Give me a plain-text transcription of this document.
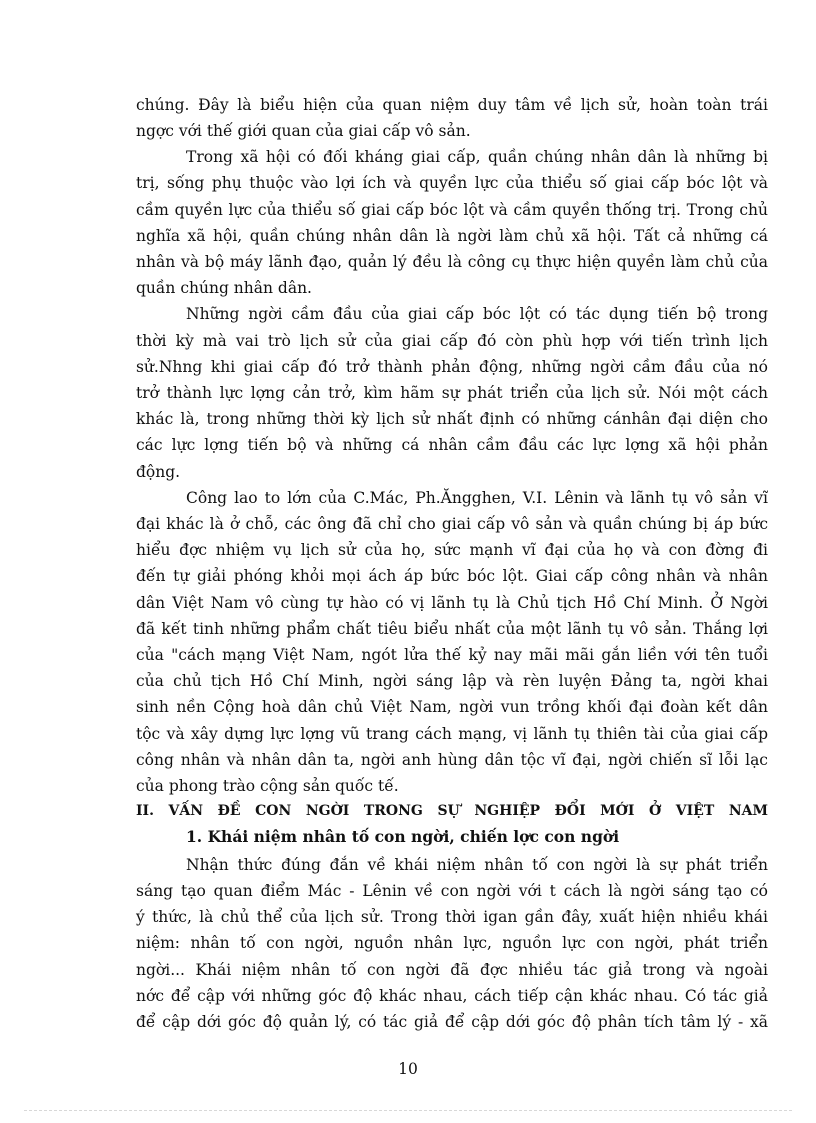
chúng. Đây là biểu hiện của quan niệm duy tâm về lịch sử, hoàn toàn trái
ngợc với thế giới quan của giai cấp vô sản.
Trong xã hội có đối kháng giai cấp, quần chúng nhân dân là những bị
trị, sống phụ thuộc vào lợi ích và quyền lực của thiểu số giai cấp bóc lột và
cầm quyền lực của thiểu số giai cấp bóc lột và cầm quyền thống trị. Trong chủ
nghĩa xã hội, quần chúng nhân dân là ngời làm chủ xã hội. Tất cả những cá
nhân và bộ máy lãnh đạo, quản lý đều là công cụ thực hiện quyền làm chủ của
quần chúng nhân dân.
Những ngời cầm đầu của giai cấp bóc lột có tác dụng tiến bộ trong
thời kỳ mà vai trò lịch sử của giai cấp đó còn phù hợp với tiến trình lịch
sử.Nhng khi giai cấp đó trở thành phản động, những ngời cầm đầu của nó
trở thành lực lợng cản trở, kìm hãm sự phát triển của lịch sử. Nói một cách
khác là, trong những thời kỳ lịch sử nhất định có những cánhân đại diện cho
các lực lợng tiến bộ và những cá nhân cầm đầu các lực lợng xã hội phản
động.
Công lao to lớn của C.Mác, Ph.Ăngghen, V.I. Lênin và lãnh tụ vô sản vĩ
đại khác là ở chỗ, các ông đã chỉ cho giai cấp vô sản và quần chúng bị áp bức
hiểu đợc nhiệm vụ lịch sử của họ, sức mạnh vĩ đại của họ và con đờng đi
đến tự giải phóng khỏi mọi ách áp bức bóc lột. Giai cấp công nhân và nhân
dân Việt Nam vô cùng tự hào có vị lãnh tụ là Chủ tịch Hồ Chí Minh. Ở Ngời
đã kết tinh những phẩm chất tiêu biểu nhất của một lãnh tụ vô sản. Thắng lợi
của "cách mạng Việt Nam, ngót lửa thế kỷ nay mãi mãi gắn liền với tên tuổi
của chủ tịch Hồ Chí Minh, ngời sáng lập và rèn luyện Đảng ta, ngời khai
sinh nền Cộng hoà dân chủ Việt Nam, ngời vun trồng khối đại đoàn kết dân
tộc và xây dựng lực lợng vũ trang cách mạng, vị lãnh tụ thiên tài của giai cấp
công nhân và nhân dân ta, ngời anh hùng dân tộc vĩ đại, ngời chiến sĩ lỗi lạc
của phong trào cộng sản quốc tế.
II. VẤN ĐỀ CON NGỜI TRONG SỰ NGHIỆP ĐỔI MỚI Ở VIỆT NAM
1. Khái niệm nhân tố con ngời, chiến lợc con ngời
Nhận thức đúng đắn về khái niệm nhân tố con ngời là sự phát triển
sáng tạo quan điểm Mác - Lênin về con ngời với t cách là ngời sáng tạo có
ý thức, là chủ thể của lịch sử. Trong thời igan gần đây, xuất hiện nhiều khái
niệm: nhân tố con ngời, nguồn nhân lực, nguồn lực con ngời, phát triển
ngời... Khái niệm nhân tố con ngời đã đợc nhiều tác giả trong và ngoài
nớc để cập với những góc độ khác nhau, cách tiếp cận khác nhau. Có tác giả
để cập dới góc độ quản lý, có tác giả để cập dới góc độ phân tích tâm lý - xã
10
